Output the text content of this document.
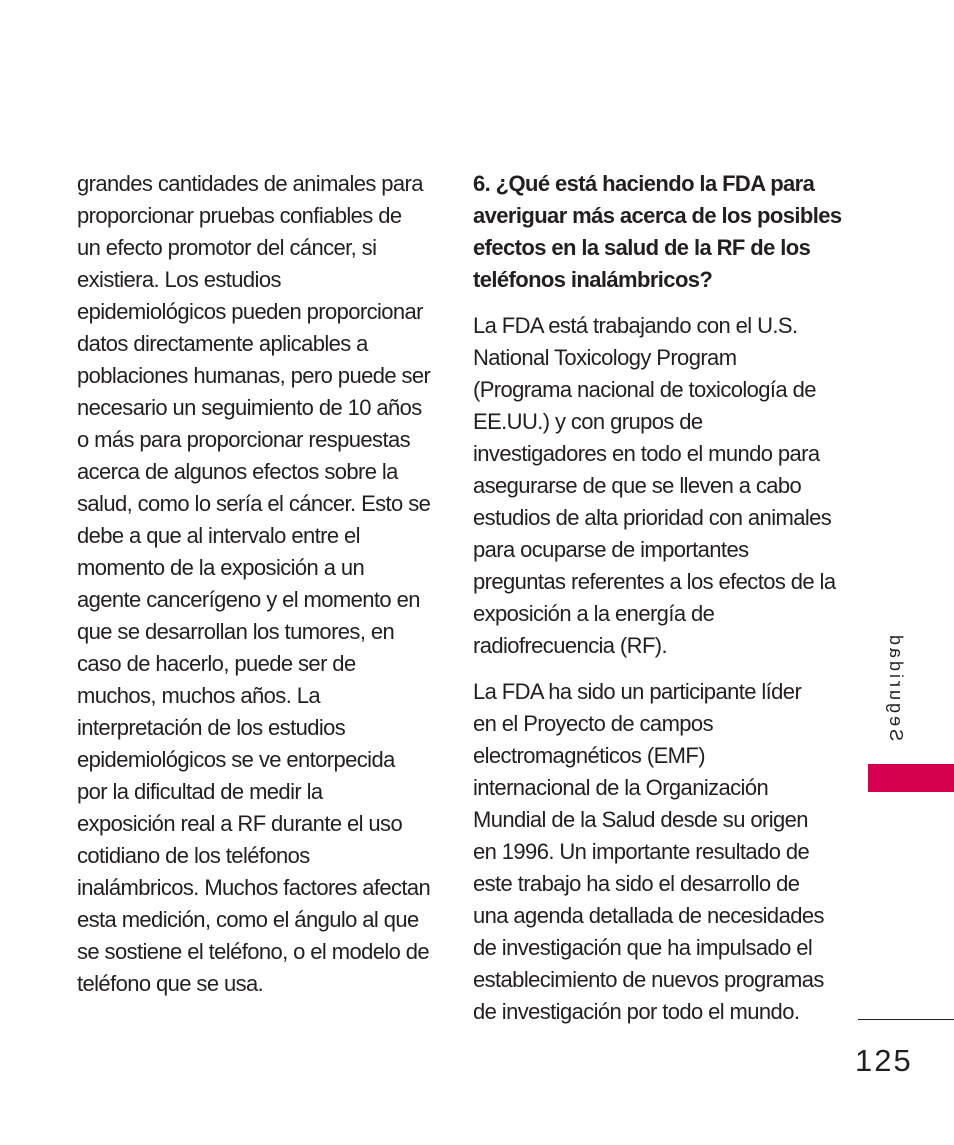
grandes cantidades de animales para
proporcionar pruebas confiables de
un efecto promotor del cáncer, si
existiera. Los estudios
epidemiológicos pueden proporcionar
datos directamente aplicables a
poblaciones humanas, pero puede ser
necesario un seguimiento de 10 años
o más para proporcionar respuestas
acerca de algunos efectos sobre la
salud, como lo sería el cáncer. Esto se
debe a que al intervalo entre el
momento de la exposición a un
agente cancerígeno y el momento en
que se desarrollan los tumores, en
caso de hacerlo, puede ser de
muchos, muchos años. La
interpretación de los estudios
epidemiológicos se ve entorpecida
por la dificultad de medir la
exposición real a RF durante el uso
cotidiano de los teléfonos
inalámbricos. Muchos factores afectan
esta medición, como el ángulo al que
se sostiene el teléfono, o el modelo de
teléfono que se usa.

6. ¿Qué está haciendo la FDA para
averiguar más acerca de los posibles
efectos en la salud de la RF de los
teléfonos inalámbricos?

La FDA está trabajando con el U.S.
National Toxicology Program
(Programa nacional de toxicología de
EE.UU.) y con grupos de
investigadores en todo el mundo para
asegurarse de que se lleven a cabo
estudios de alta prioridad con animales
para ocuparse de importantes
preguntas referentes a los efectos de la
exposición a la energía de
radiofrecuencia (RF).

La FDA ha sido un participante líder
en el Proyecto de campos
electromagnéticos (EMF)
internacional de la Organización
Mundial de la Salud desde su origen
en 1996. Un importante resultado de
este trabajo ha sido el desarrollo de
una agenda detallada de necesidades
de investigación que ha impulsado el
establecimiento de nuevos programas
de investigación por todo el mundo.

Seguridad
125
